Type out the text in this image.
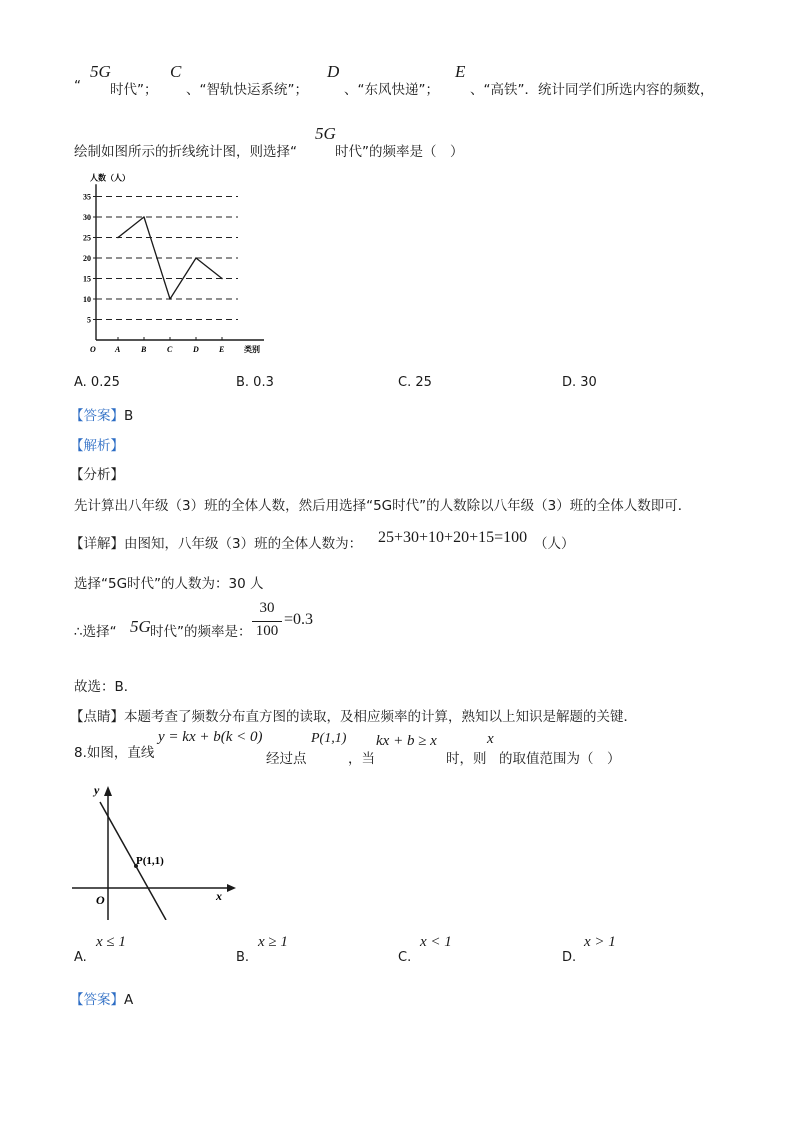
“
5G
时代”；
C
、“智轨快运系统”；
D
、“东风快递”；
E
、“高铁”．统计同学们所选内容的频数，
绘制如图所示的折线统计图，则选择“
5G
时代”的频率是（　）
5
10
15
20
25
30
35
人数（人）
O A	B	C	D	E 类别
A. 0.25	B. 0.3	C. 25	D. 30
【答案】B
【解析】
【分析】
先计算出八年级（3）班的全体人数，然后用选择“5G时代”的人数除以八年级（3）班的全体人数即可．
【详解】由图知，八年级（3）班的全体人数为： 25+30+10+20+15=100 （人）
选择“5G时代”的人数为：30 人
∴选择“ 5G 时代”的频率是：
30
100
=0.3
故选：B．
【点睛】本题考查了频数分布直方图的读取，及相应频率的计算，熟知以上知识是解题的关键．
8.如图，直线
y = kx + b(k < 0)
经过点
P(1,1)
，当
kx + b ≥ x
时，则
x
的取值范围为（　）
x
y
O
P(1,1)
A.
x ≤ 1
B.
x ≥ 1
C.
x < 1
D.
x > 1
【答案】A
